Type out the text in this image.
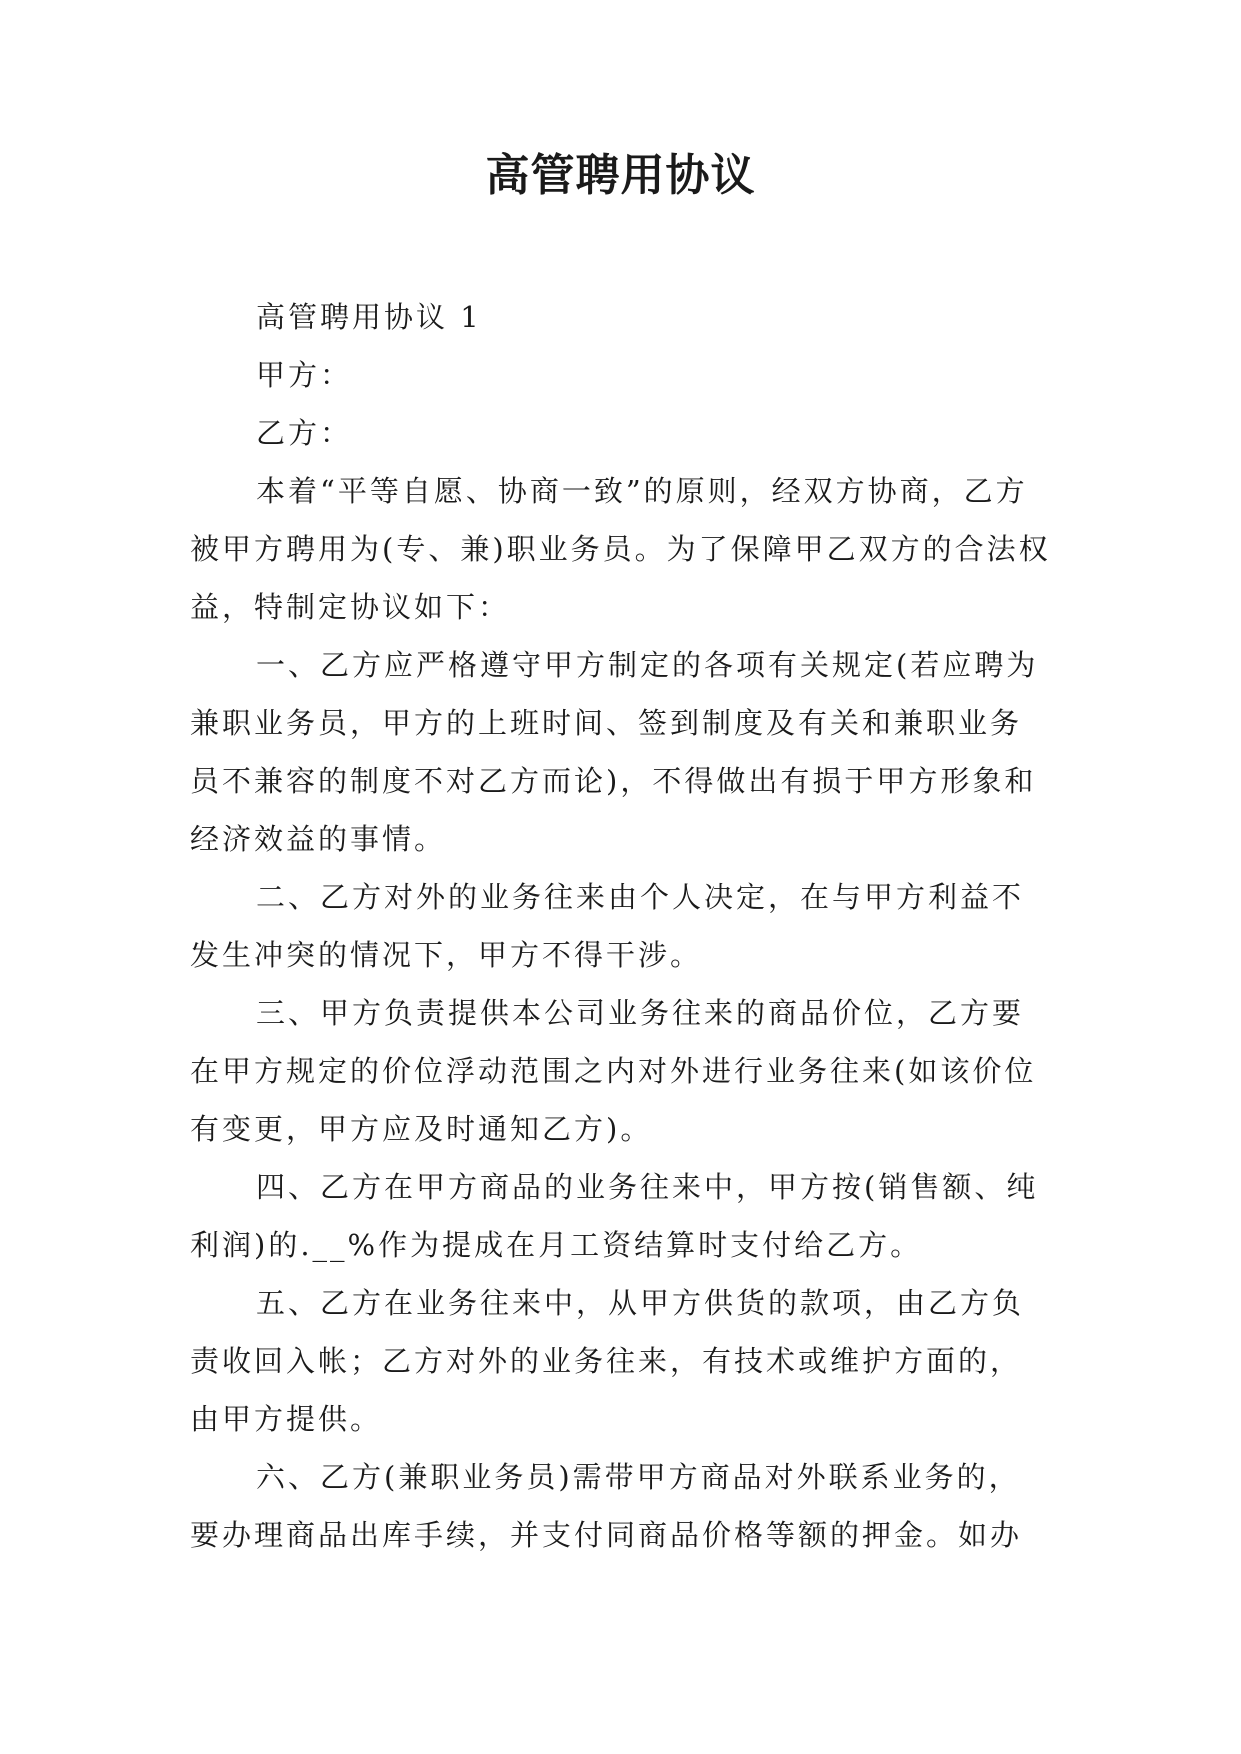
高管聘用协议

高管聘用协议 1

甲方：

乙方：

本着“平等自愿、协商一致”的原则，经双方协商，乙方被甲方聘用为(专、兼)职业务员。为了保障甲乙双方的合法权益，特制定协议如下：

一、乙方应严格遵守甲方制定的各项有关规定(若应聘为兼职业务员，甲方的上班时间、签到制度及有关和兼职业务员不兼容的制度不对乙方而论)，不得做出有损于甲方形象和经济效益的事情。

二、乙方对外的业务往来由个人决定，在与甲方利益不发生冲突的情况下，甲方不得干涉。

三、甲方负责提供本公司业务往来的商品价位，乙方要在甲方规定的价位浮动范围之内对外进行业务往来(如该价位有变更，甲方应及时通知乙方)。

四、乙方在甲方商品的业务往来中，甲方按(销售额、纯利润)的.__%作为提成在月工资结算时支付给乙方。

五、乙方在业务往来中，从甲方供货的款项，由乙方负责收回入帐；乙方对外的业务往来，有技术或维护方面的，由甲方提供。

六、乙方(兼职业务员)需带甲方商品对外联系业务的，要办理商品出库手续，并支付同商品价格等额的押金。如办
